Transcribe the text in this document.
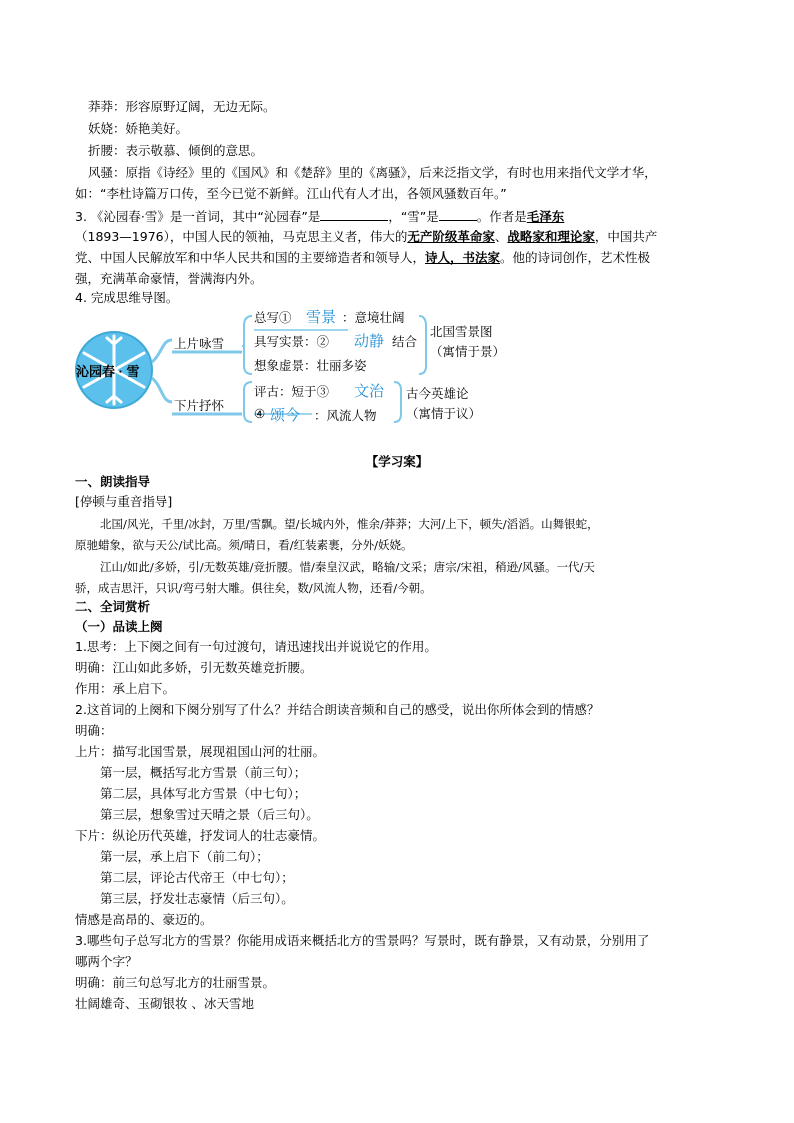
莽莽：形容原野辽阔，无边无际。
妖娆：娇艳美好。
折腰：表示敬慕、倾倒的意思。
风骚：原指《诗经》里的《国风》和《楚辞》里的《离骚》，后来泛指文学，有时也用来指代文学才华，
如：“李杜诗篇万口传，至今已觉不新鲜。江山代有人才出，各领风骚数百年。”
3. 《沁园春·雪》是一首词，其中“沁园春”是	，“雪”是	。作者是毛泽东
（1893—1976），中国人民的领袖，马克思主义者，伟大的无产阶级革命家、战略家和理论家，中国共产
党、中国人民解放军和中华人民共和国的主要缔造者和领导人，诗人，书法家。他的诗词创作，艺术性极
强，充满革命豪情，誉满海内外。
4. 完成思维导图。
沁园春 · 雪
上片咏雪
下片抒怀
总写① 雪景 ：意境壮阔
具写实景：② 动静 结合
想象虚景：壮丽多姿
北国雪景图
（寓情于景）
评古：短于③ 文治
④ 颂今 ：风流人物
古今英雄论
（寓情于议）
【学习案】
一、朗读指导
[停顿与重音指导]
北国/风光，千里/冰封，万里/雪飘。望/长城内外，惟余/莽莽；大河/上下，顿失/滔滔。山舞银蛇，
原驰蜡象，欲与天公/试比高。须/晴日，看/红装素裹，分外/妖娆。
江山/如此/多娇，引/无数英雄/竞折腰。惜/秦皇汉武，略输/文采；唐宗/宋祖，稍逊/风骚。一代/天
骄，成吉思汗，只识/弯弓射大雕。俱往矣，数/风流人物，还看/今朝。
二、全词赏析
（一）品读上阕
1.思考：上下阕之间有一句过渡句，请迅速找出并说说它的作用。
明确：江山如此多娇，引无数英雄竞折腰。
作用：承上启下。
2.这首词的上阕和下阕分别写了什么？并结合朗读音频和自己的感受，说出你所体会到的情感？
明确：
上片：描写北国雪景，展现祖国山河的壮丽。
第一层，概括写北方雪景（前三句）；
第二层，具体写北方雪景（中七句）；
第三层，想象雪过天晴之景（后三句）。
下片：纵论历代英雄，抒发词人的壮志豪情。
第一层，承上启下（前二句）；
第二层，评论古代帝王（中七句）；
第三层，抒发壮志豪情（后三句）。
情感是高昂的、豪迈的。
3.哪些句子总写北方的雪景？你能用成语来概括北方的雪景吗？写景时，既有静景，又有动景，分别用了
哪两个字？
明确：前三句总写北方的壮丽雪景。
壮阔雄奇、玉砌银妆 、冰天雪地
